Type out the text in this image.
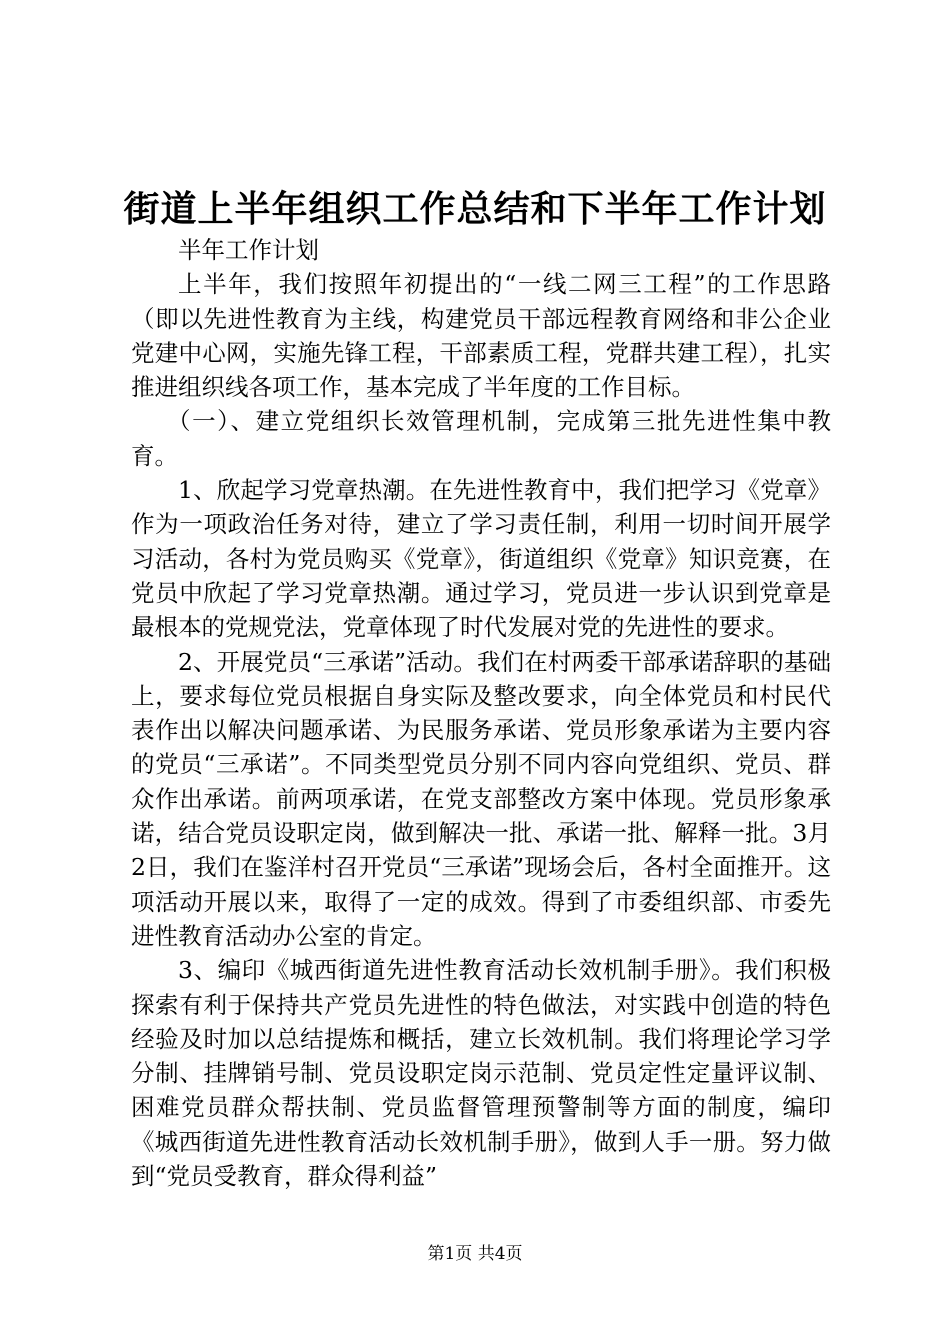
街道上半年组织工作总结和下半年工作计划

半年工作计划

上半年，我们按照年初提出的“一线二网三工程”的工作思路（即以先进性教育为主线，构建党员干部远程教育网络和非公企业党建中心网，实施先锋工程，干部素质工程，党群共建工程），扎实推进组织线各项工作，基本完成了半年度的工作目标。

（一）、建立党组织长效管理机制，完成第三批先进性集中教育。

1、欣起学习党章热潮。在先进性教育中，我们把学习《党章》作为一项政治任务对待，建立了学习责任制，利用一切时间开展学习活动，各村为党员购买《党章》，街道组织《党章》知识竞赛，在党员中欣起了学习党章热潮。通过学习，党员进一步认识到党章是最根本的党规党法，党章体现了时代发展对党的先进性的要求。

2、开展党员“三承诺”活动。我们在村两委干部承诺辞职的基础上，要求每位党员根据自身实际及整改要求，向全体党员和村民代表作出以解决问题承诺、为民服务承诺、党员形象承诺为主要内容的党员“三承诺”。不同类型党员分别不同内容向党组织、党员、群众作出承诺。前两项承诺，在党支部整改方案中体现。党员形象承诺，结合党员设职定岗，做到解决一批、承诺一批、解释一批。3月2日，我们在鉴洋村召开党员“三承诺”现场会后，各村全面推开。这项活动开展以来，取得了一定的成效。得到了市委组织部、市委先进性教育活动办公室的肯定。

3、编印《城西街道先进性教育活动长效机制手册》。我们积极探索有利于保持共产党员先进性的特色做法，对实践中创造的特色经验及时加以总结提炼和概括，建立长效机制。我们将理论学习学分制、挂牌销号制、党员设职定岗示范制、党员定性定量评议制、困难党员群众帮扶制、党员监督管理预警制等方面的制度，编印《城西街道先进性教育活动长效机制手册》，做到人手一册。努力做到“党员受教育，群众得利益”

第1页 共4页
